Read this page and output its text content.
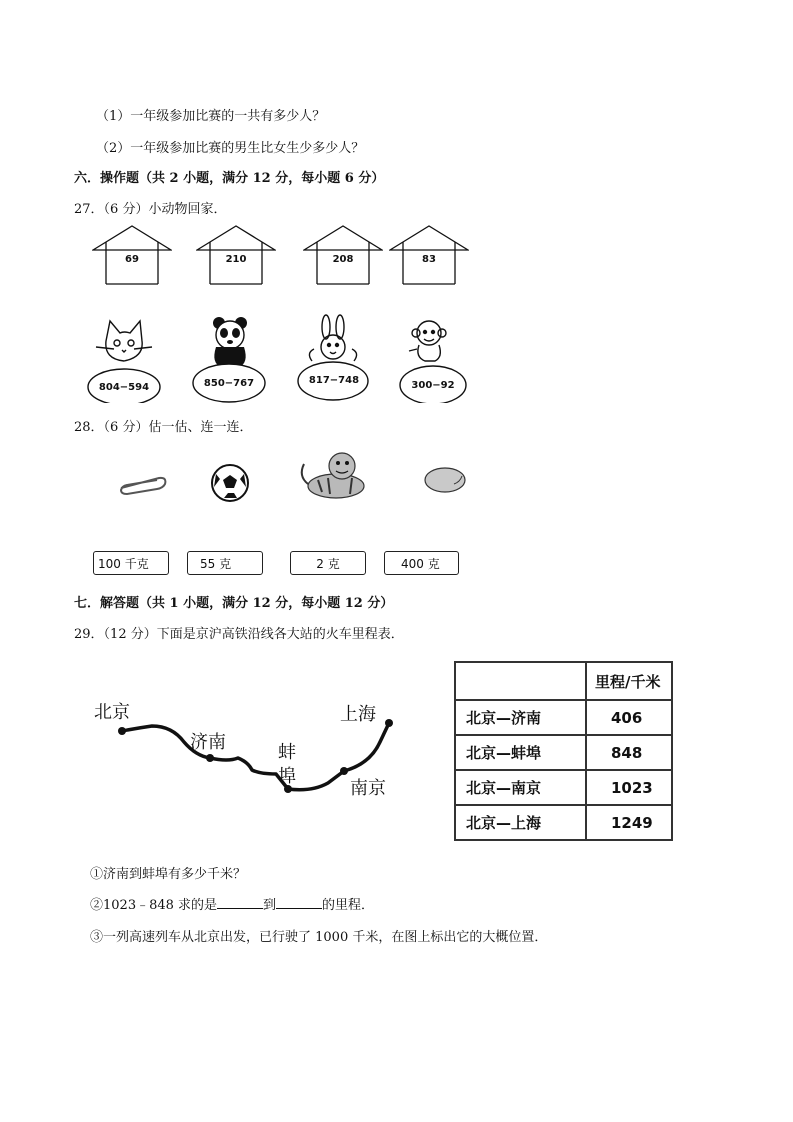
（1）一年级参加比赛的一共有多少人？
（2）一年级参加比赛的男生比女生少多少人？
六．操作题（共 2 小题，满分 12 分，每小题 6 分）
27．（6 分）小动物回家．
69	210	208	83
804−594	850−767	817−748	300−92
28．（6 分）估一估、连一连．
100 千克	55 克	2 克	400 克
七．解答题（共 1 小题，满分 12 分，每小题 12 分）
29．（12 分）下面是京沪高铁沿线各大站的火车里程表．
北京
济南	蚌
埠
上海
南京
	里程/千米
北京—济南	406
北京—蚌埠	848
北京—南京	1023
北京—上海	1249
①济南到蚌埠有多少千米？
②1023﹣848 求的是	到	的里程．
③一列高速列车从北京出发，已行驶了 1000 千米，在图上标出它的大概位置．
